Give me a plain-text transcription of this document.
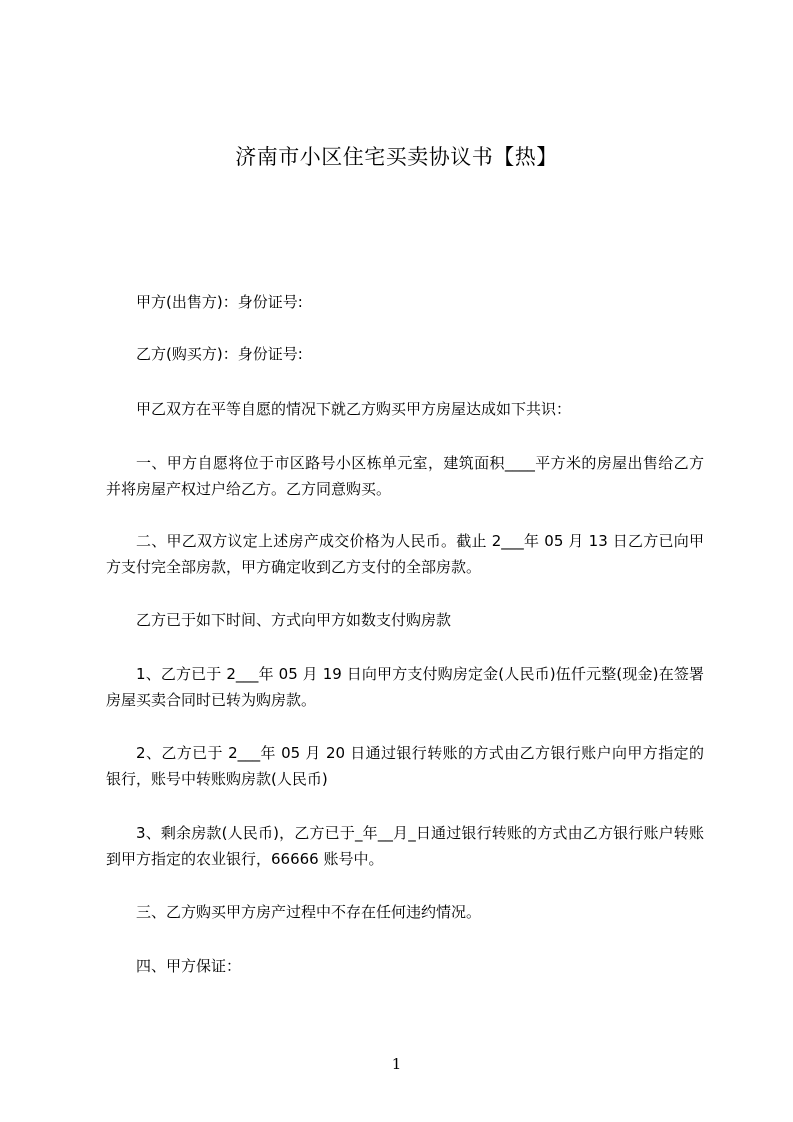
济南市小区住宅买卖协议书【热】
甲方(出售方)：身份证号:
乙方(购买方)：身份证号:
甲乙双方在平等自愿的情况下就乙方购买甲方房屋达成如下共识：
一、甲方自愿将位于市区路号小区栋单元室，建筑面积____平方米的房屋出售给乙方并将房屋产权过户给乙方。乙方同意购买。
二、甲乙双方议定上述房产成交价格为人民币。截止 2___年 05 月 13 日乙方已向甲方支付完全部房款，甲方确定收到乙方支付的全部房款。
乙方已于如下时间、方式向甲方如数支付购房款
1、乙方已于 2___年 05 月 19 日向甲方支付购房定金(人民币)伍仟元整(现金)在签署房屋买卖合同时已转为购房款。
2、乙方已于 2___年 05 月 20 日通过银行转账的方式由乙方银行账户向甲方指定的银行，账号中转账购房款(人民币)
3、剩余房款(人民币)，乙方已于_年__月_日通过银行转账的方式由乙方银行账户转账到甲方指定的农业银行，66666 账号中。
三、乙方购买甲方房产过程中不存在任何违约情况。
四、甲方保证：
1
